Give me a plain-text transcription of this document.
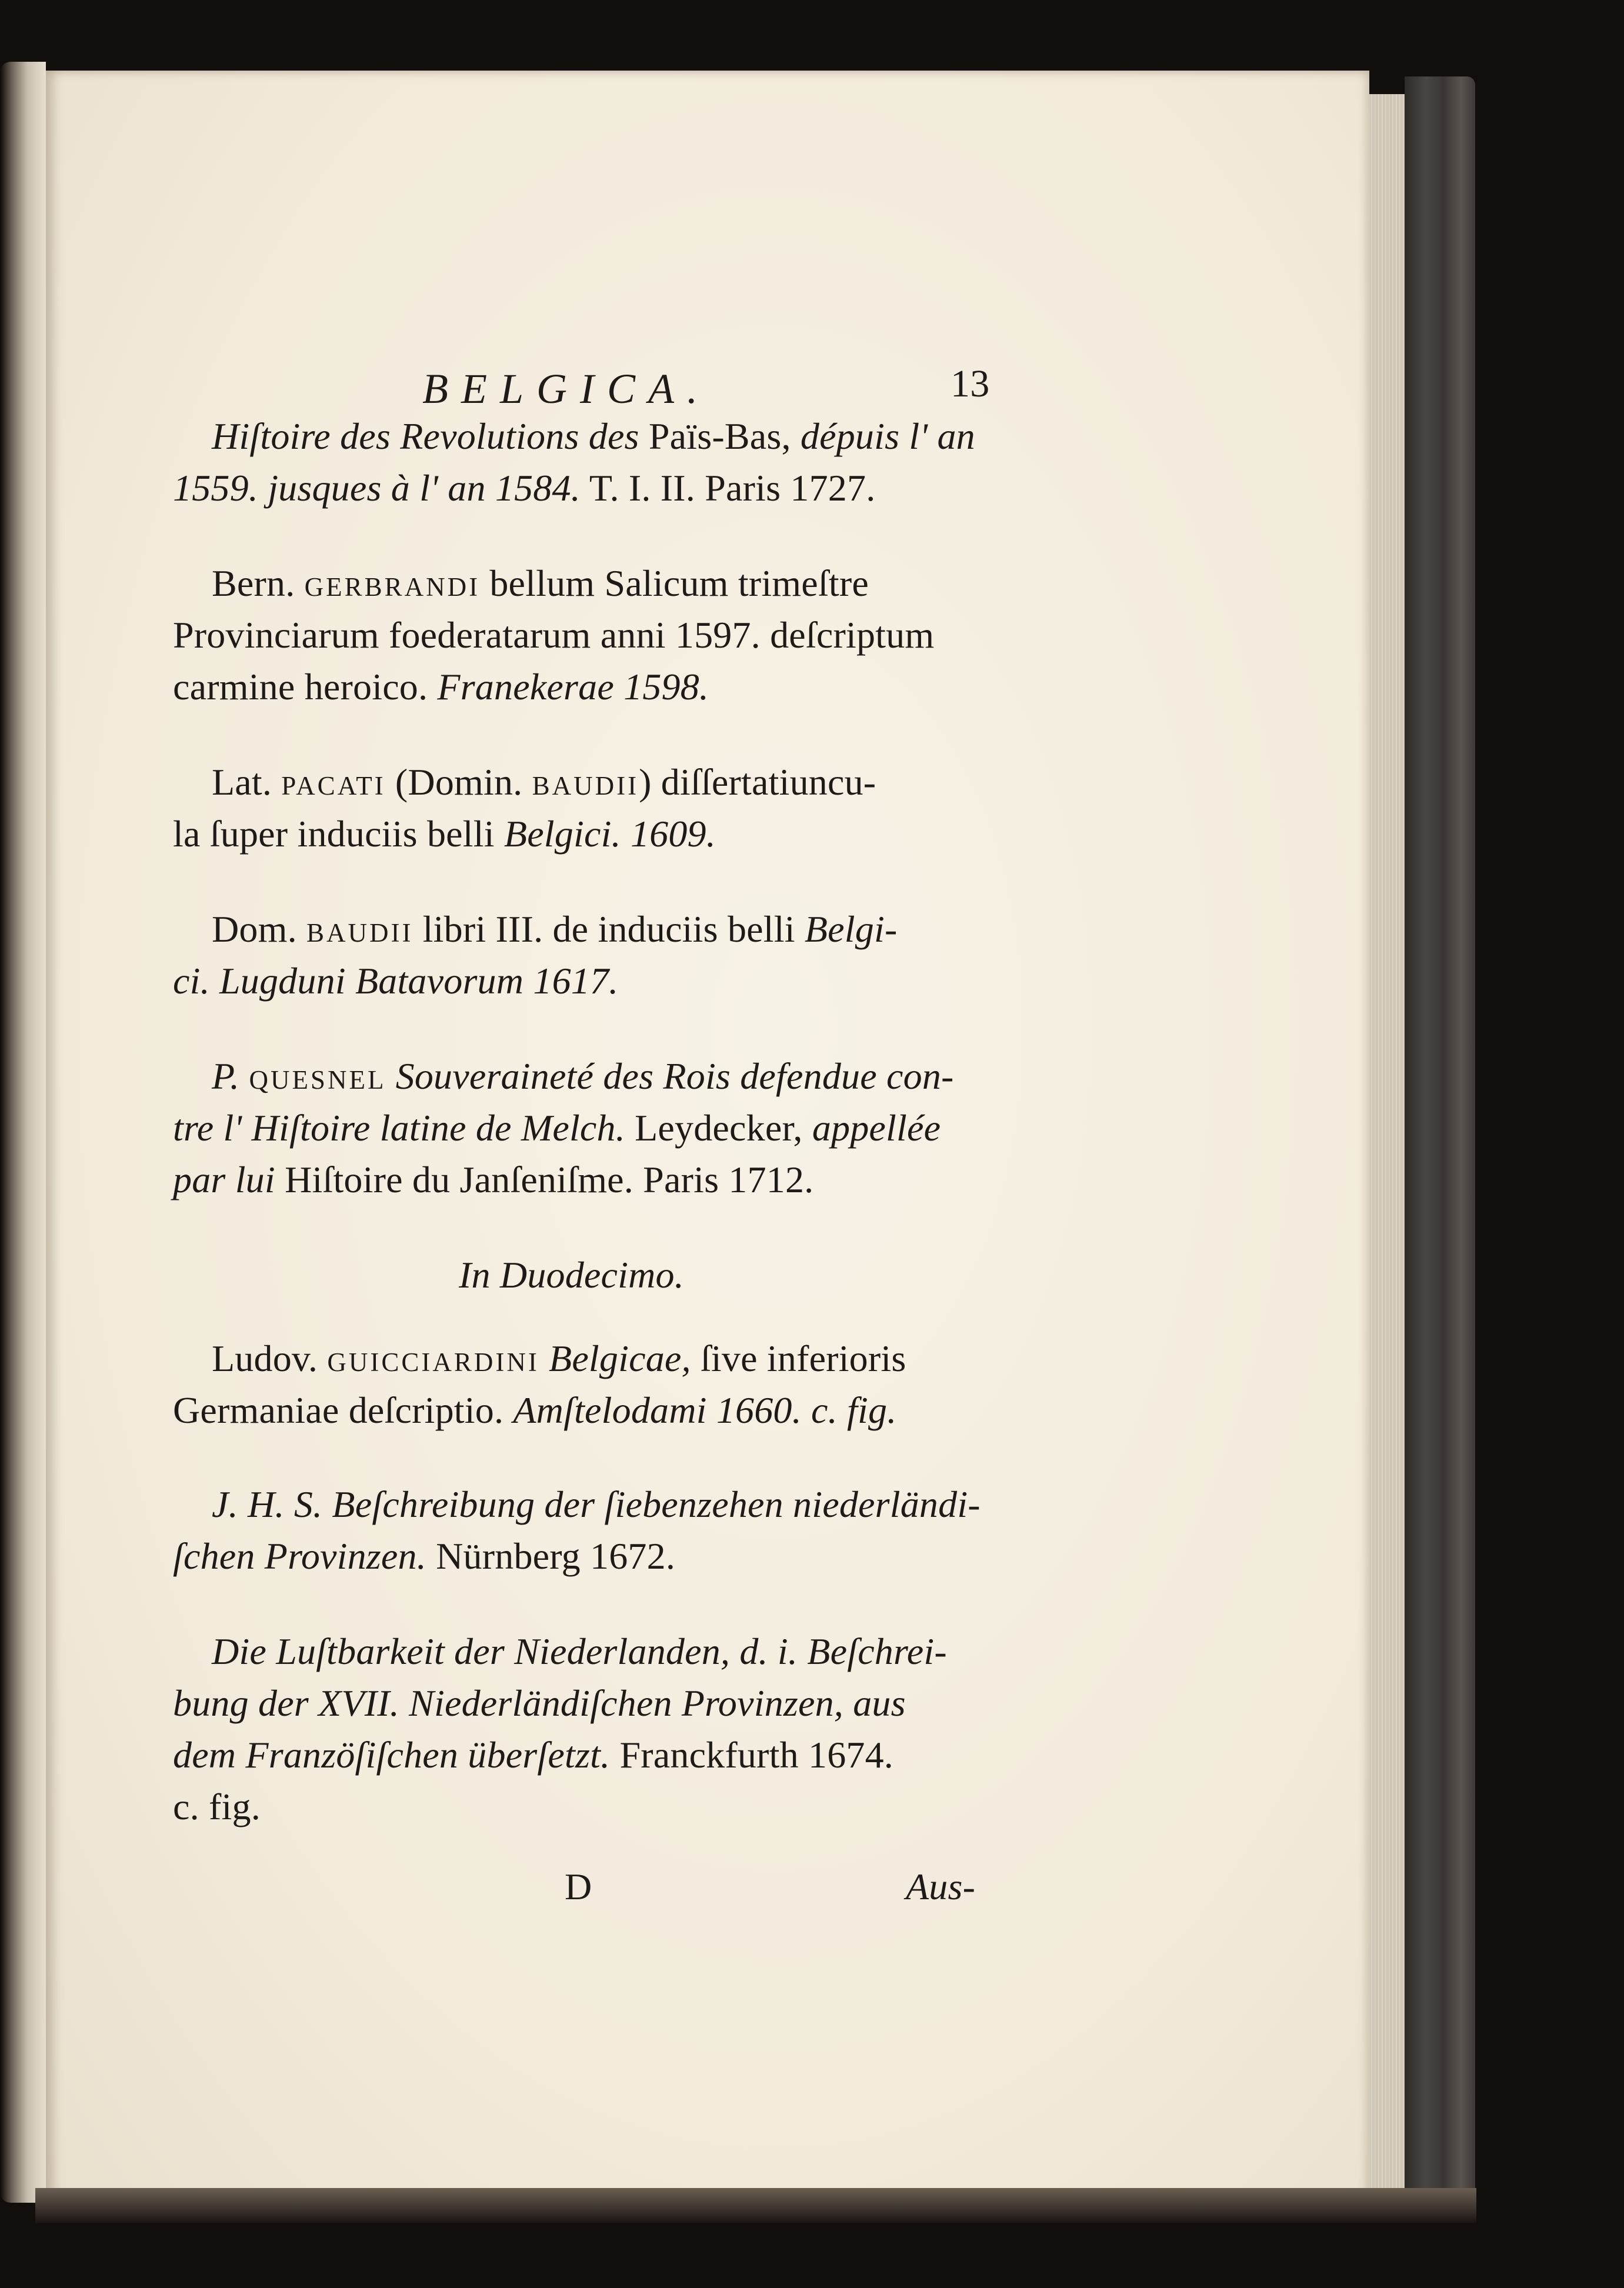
BELGICA.	13

Hiſtoire des Revolutions des Païs-Bas, dépuis l' an

1559. jusques à l' an 1584. T. I. II. Paris 1727.

Bern. gerbrandi bellum Salicum trimeſtre

Provinciarum foederatarum anni 1597. deſcriptum

carmine heroico. Franekerae 1598.

Lat. pacati (Domin. baudii) diſſertatiuncu-

la ſuper induciis belli Belgici. 1609.

Dom. baudii libri III. de induciis belli Belgi-

ci. Lugduni Batavorum 1617.

P. quesnel Souveraineté des Rois defendue con-

tre l' Hiſtoire latine de Melch. Leydecker, appellée

par lui Hiſtoire du Janſeniſme. Paris 1712.

In Duodecimo.

Ludov. guicciardini Belgicae, ſive inferioris

Germaniae deſcriptio. Amſtelodami 1660. c. fig.

J. H. S. Beſchreibung der ſiebenzehen niederländi-

ſchen Provinzen. Nürnberg 1672.

Die Luſtbarkeit der Niederlanden, d. i. Beſchrei-

bung der XVII. Niederländiſchen Provinzen, aus

dem Franzöſiſchen überſetzt. Franckfurth 1674.

c. fig.

D	Aus-
